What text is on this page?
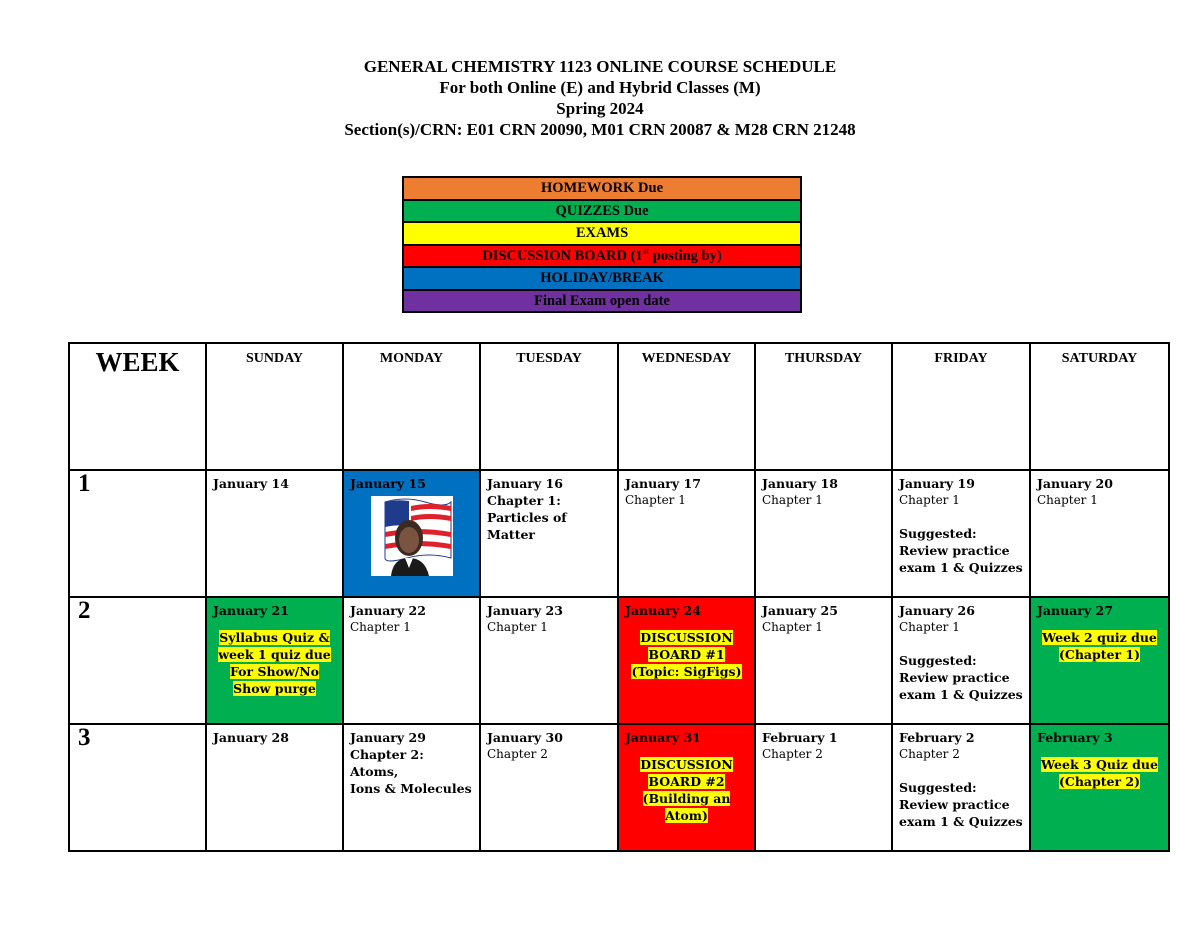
GENERAL CHEMISTRY 1123 ONLINE COURSE SCHEDULE
For both Online (E) and Hybrid Classes (M)
Spring 2024
Section(s)/CRN: E01 CRN 20090, M01 CRN 20087 & M28 CRN 21248
HOMEWORK Due
QUIZZES Due
EXAMS
DISCUSSION BOARD (1st posting by)
HOLIDAY/BREAK
Final Exam open date
WEEK	SUNDAY	MONDAY	TUESDAY	WEDNESDAY	THURSDAY	FRIDAY	SATURDAY

1	January 14	January 15	January 16
Chapter 1:
Particles of
Matter	January 17
Chapter 1	January 18
Chapter 1	January 19
Chapter 1
Suggested:
Review practice
exam 1 & Quizzes	January 20
Chapter 1

2	January 21
Syllabus Quiz &
week 1 quiz due
For Show/No
Show purge	January 22
Chapter 1	January 23
Chapter 1	January 24
DISCUSSION
BOARD #1
(Topic: SigFigs)	January 25
Chapter 1	January 26
Chapter 1
Suggested:
Review practice
exam 1 & Quizzes	January 27
Week 2 quiz due
(Chapter 1)

3	January 28	January 29
Chapter 2: Atoms,
Ions & Molecules	January 30
Chapter 2	January 31
DISCUSSION
BOARD #2
(Building an
Atom)	February 1
Chapter 2	February 2
Chapter 2
Suggested:
Review practice
exam 1 & Quizzes	February 3
Week 3 Quiz due
(Chapter 2)
